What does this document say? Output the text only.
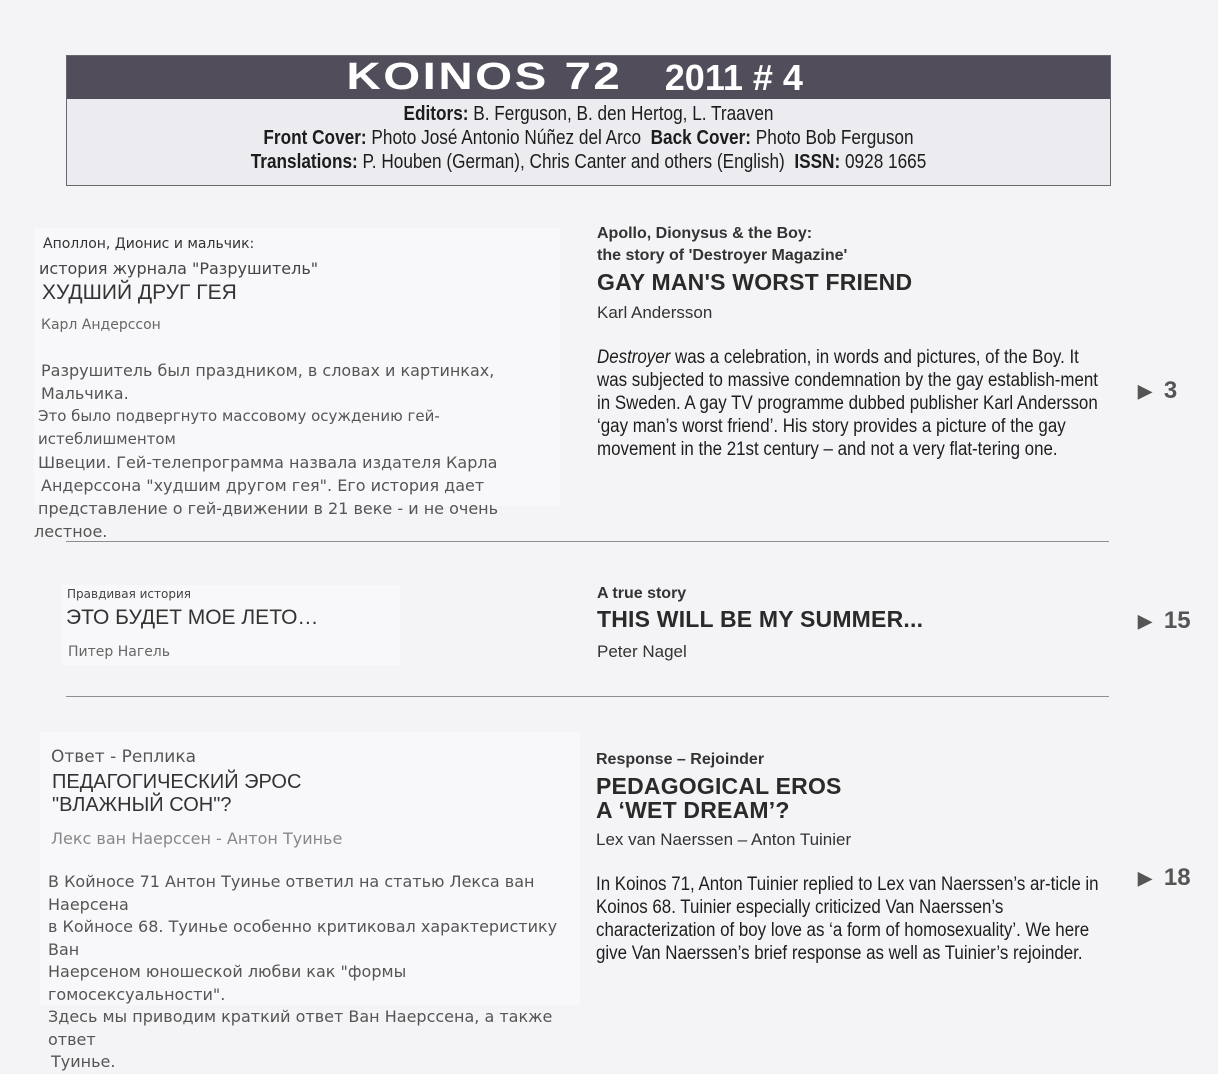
KOINOS 72 2011 # 4
Editors: B. Ferguson, B. den Hertog, L. Traaven
Front Cover: Photo José Antonio Núñez del Arco Back Cover: Photo Bob Ferguson
Translations: P. Houben (German), Chris Canter and others (English) ISSN: 0928 1665
Аполлон, Дионис и мальчик:
история журнала "Разрушитель"
ХУДШИЙ ДРУГ ГЕЯ
Карл Андерссон
Разрушитель был праздником, в словах и картинках, Мальчика.
Это было подвергнуто массовому осуждению гей- истеблишментом
Швеции. Гей-телепрограмма назвала издателя Карла
Андерссона "худшим другом гея". Его история дает
представление о гей-движении в 21 веке - и не очень
лестное.
Apollo, Dionysus & the Boy:
the story of 'Destroyer Magazine'
GAY MAN'S WORST FRIEND
Karl Andersson
Destroyer was a celebration, in words and pictures, of the Boy. It was subjected to massive condemnation by the gay establish-ment in Sweden. A gay TV programme dubbed publisher Karl Andersson ‘gay man’s worst friend’. His story provides a picture of the gay movement in the 21st century – and not a very flat-tering one.
▶ 3
Правдивая история
ЭТО БУДЕТ МОЕ ЛЕТО…
Питер Нагель
A true story
THIS WILL BE MY SUMMER...
Peter Nagel
▶ 15
Ответ - Реплика
ПЕДАГОГИЧЕСКИЙ ЭРОС
"ВЛАЖНЫЙ СОН"?
Лекс ван Наерссен - Антон Туинье
В Койносе 71 Антон Туинье ответил на статью Лекса ван Наерсена
в Койносе 68. Туинье особенно критиковал характеристику Ван
Наерсеном юношеской любви как "формы гомосексуальности".
Здесь мы приводим краткий ответ Ван Наерссена, а также ответ
Туинье.
Response – Rejoinder
PEDAGOGICAL EROS
A ‘WET DREAM’?
Lex van Naerssen – Anton Tuinier
In Koinos 71, Anton Tuinier replied to Lex van Naerssen’s ar-ticle in Koinos 68. Tuinier especially criticized Van Naerssen’s characterization of boy love as ‘a form of homosexuality’. We here give Van Naerssen’s brief response as well as Tuinier’s rejoinder.
▶ 18
